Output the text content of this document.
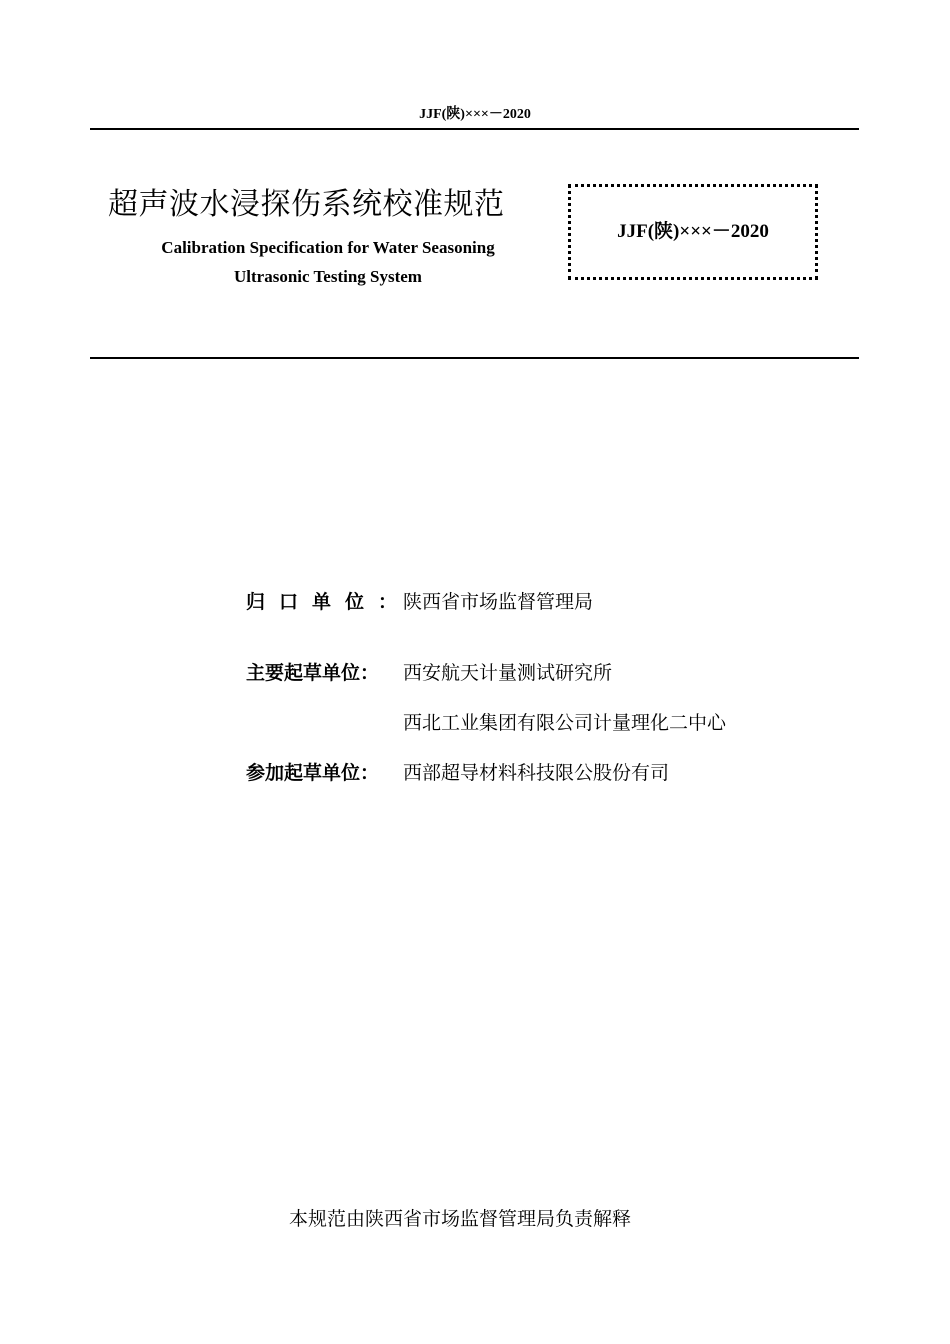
JJF(陕)×××－2020
超声波水浸探伤系统校准规范
Calibration Specification for Water Seasoning
Ultrasonic Testing System
JJF(陕)×××－2020
归口单位：陕西省市场监督管理局
主要起草单位： 西安航天计量测试研究所
西北工业集团有限公司计量理化二中心
参加起草单位： 西部超导材料科技限公股份有司
本规范由陕西省市场监督管理局负责解释
